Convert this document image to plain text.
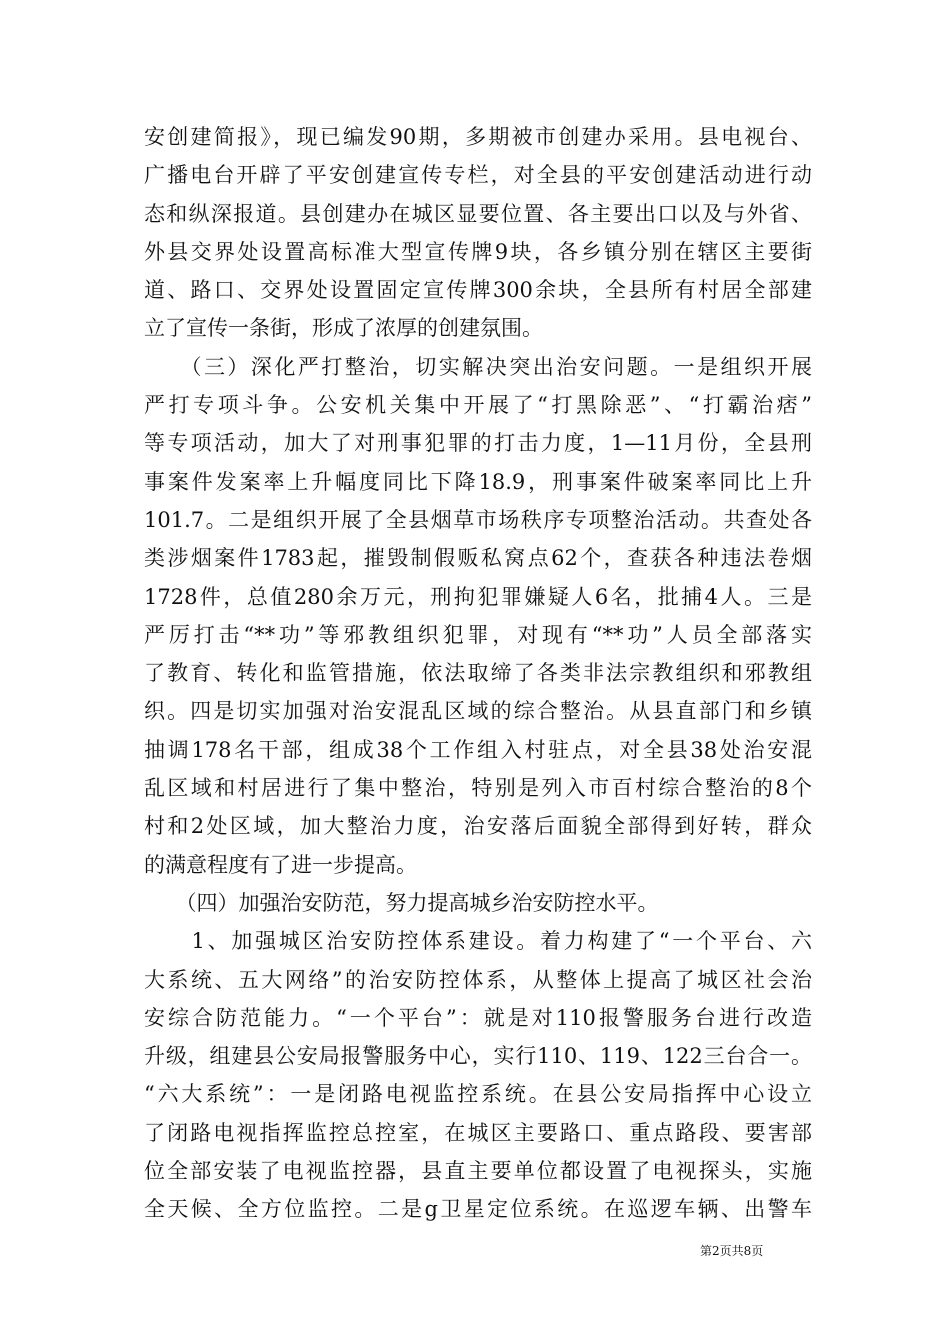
安创建简报》，现已编发90期，多期被市创建办采用。县电视台、
广播电台开辟了平安创建宣传专栏，对全县的平安创建活动进行动
态和纵深报道。县创建办在城区显要位置、各主要出口以及与外省、
外县交界处设置高标准大型宣传牌9块，各乡镇分别在辖区主要街
道、路口、交界处设置固定宣传牌300余块，全县所有村居全部建
立了宣传一条街，形成了浓厚的创建氛围。
　　（三）深化严打整治，切实解决突出治安问题。一是组织开展
严打专项斗争。公安机关集中开展了“打黑除恶”、“打霸治痞”
等专项活动，加大了对刑事犯罪的打击力度，1—11月份，全县刑
事案件发案率上升幅度同比下降18.9，刑事案件破案率同比上升
101.7。二是组织开展了全县烟草市场秩序专项整治活动。共查处各
类涉烟案件1783起，摧毁制假贩私窝点62个，查获各种违法卷烟
1728件，总值280余万元，刑拘犯罪嫌疑人6名，批捕4人。三是
严厉打击“**功”等邪教组织犯罪，对现有“**功”人员全部落实
了教育、转化和监管措施，依法取缔了各类非法宗教组织和邪教组
织。四是切实加强对治安混乱区域的综合整治。从县直部门和乡镇
抽调178名干部，组成38个工作组入村驻点，对全县38处治安混
乱区域和村居进行了集中整治，特别是列入市百村综合整治的8个
村和2处区域，加大整治力度，治安落后面貌全部得到好转，群众
的满意程度有了进一步提高。
　　（四）加强治安防范，努力提高城乡治安防控水平。
　　1、加强城区治安防控体系建设。着力构建了“一个平台、六
大系统、五大网络”的治安防控体系，从整体上提高了城区社会治
安综合防范能力。“一个平台”：就是对110报警服务台进行改造
升级，组建县公安局报警服务中心，实行110、119、122三台合一。
“六大系统”：一是闭路电视监控系统。在县公安局指挥中心设立
了闭路电视指挥监控总控室，在城区主要路口、重点路段、要害部
位全部安装了电视监控器，县直主要单位都设置了电视探头，实施
全天候、全方位监控。二是g卫星定位系统。在巡逻车辆、出警车
第2页共8页
